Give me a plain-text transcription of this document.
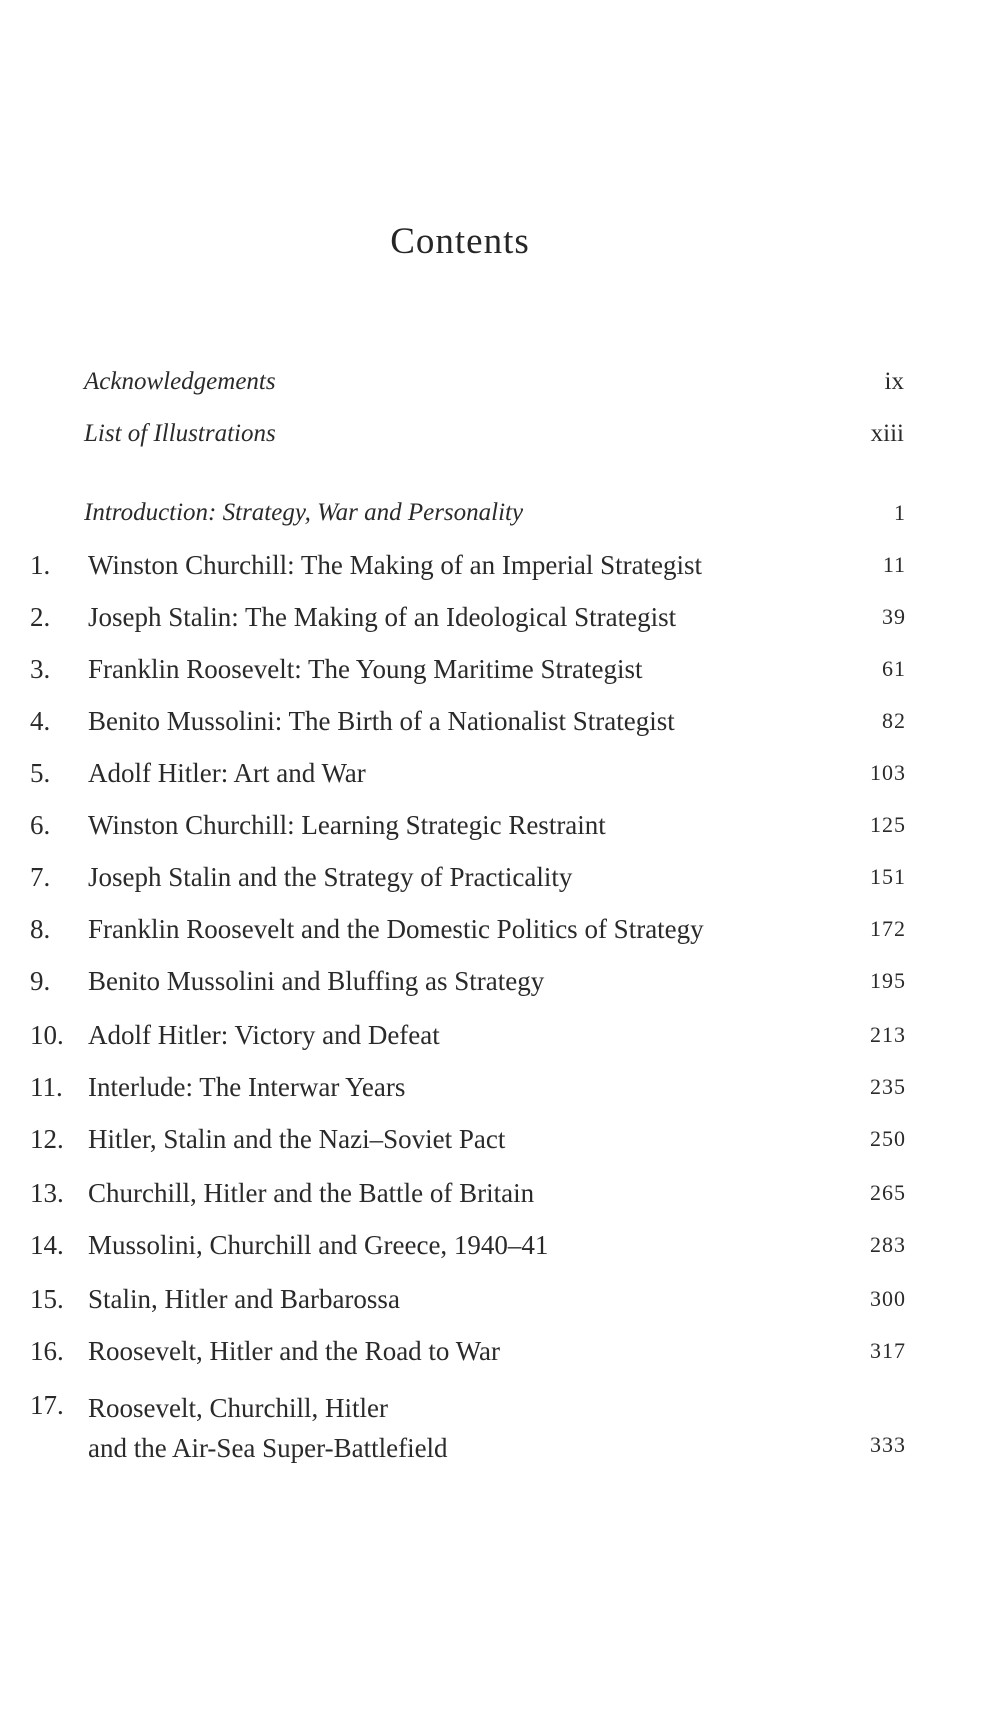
Contents
Acknowledgements	ix
List of Illustrations	xiii
Introduction: Strategy, War and Personality	1
1.	Winston Churchill: The Making of an Imperial Strategist	11
2.	Joseph Stalin: The Making of an Ideological Strategist	39
3.	Franklin Roosevelt: The Young Maritime Strategist	61
4.	Benito Mussolini: The Birth of a Nationalist Strategist	82
5.	Adolf Hitler: Art and War	103
6.	Winston Churchill: Learning Strategic Restraint	125
7.	Joseph Stalin and the Strategy of Practicality	151
8.	Franklin Roosevelt and the Domestic Politics of Strategy	172
9.	Benito Mussolini and Bluffing as Strategy	195
10. Adolf Hitler: Victory and Defeat	213
11. Interlude: The Interwar Years	235
12. Hitler, Stalin and the Nazi–Soviet Pact	250
13. Churchill, Hitler and the Battle of Britain	265
14. Mussolini, Churchill and Greece, 1940–41	283
15. Stalin, Hitler and Barbarossa	300
16. Roosevelt, Hitler and the Road to War	317
17. Roosevelt, Churchill, Hitler
and the Air-Sea Super-Battlefield	333
